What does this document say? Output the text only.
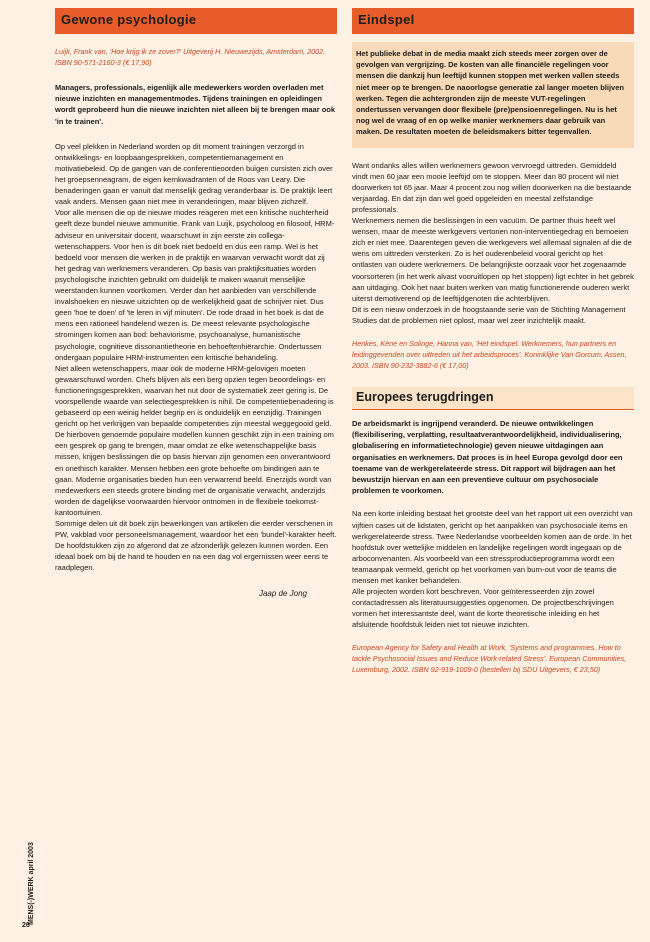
Gewone psychologie
Luijk, Frank van, 'Hoe krijg ik ze zover?' Uitgeverij H. Nieuwezijds, Amsterdam, 2002. ISBN 90-571-2160-3 (€ 17,90)
Managers, professionals, eigenlijk alle medewerkers worden overladen met nieuwe inzichten en managementmodes. Tijdens trainingen en opleidingen wordt geprobeerd hun die nieuwe inzichten niet alleen bij te brengen maar ook 'in te trainen'.

Op veel plekken in Nederland worden op dit moment trainingen verzorgd in ontwikkelings- en loopbaangesprekken, competentiemanagement en motivatiebeleid. Op de gangen van de conferentieoorden buigen cursisten zich over het groepsenneagram, de eigen kernkwadranten of de Roos van Leary. Die benaderingen gaan er vanuit dat menselijk gedrag veranderbaar is. De praktijk leert vaak anders. Mensen gaan niet mee in veranderingen, maar blijven zichzelf.

Voor alle mensen die op de nieuwe modes reageren met een kritische nuchterheid geeft deze bundel nieuwe ammunitie. Frank van Luijk, psycholoog en filosoof, HRM-adviseur en universitair docent, waarschuwt in zijn eerste zin collega-wetenschappers. Voor hen is dit boek niet bedoeld en dus een ramp. Wel is het bedoeld voor mensen die werken in de praktijk en waarvan verwacht wordt dat zij het gedrag van werknemers veranderen. Op basis van praktijksituaties worden psychologische inzichten gebruikt om duidelijk te maken waaruit menselijke weerstanden kunnen voortkomen. Verder dan het aanbieden van verschillende invalshoeken en nieuwe uitzichten op de werkelijkheid gaat de schrijver niet. Dus geen 'hoe te doen' of 'te leren in vijf minuten'. De rode draad in het boek is dat de mens een rationeel handelend wezen is. De meest relevante psychologische stromingen komen aan bod: behaviorisme, psychoanalyse, humanistische psychologie, cognitieve dissonantietheorie en behoeftenhiërarchie. Ondertussen ondergaan populaire HRM-instrumenten een kritische behandeling.

Niet alleen wetenschappers, maar ook de moderne HRM-gelovigen moeten gewaarschuwd worden. Chefs blijven als een berg opzien tegen beoordelings- en functioneringsgesprekken, waarvan het nut door de systematiek zeer gering is. De voorspellende waarde van selectiegesprekken is nihil. De competentiebenadering is gebaseerd op een weinig helder begrip en is onduidelijk en eenzijdig. Trainingen gericht op het verkrijgen van bepaalde competenties zijn meestal weggegooid geld.

De hierboven genoemde populaire modellen kunnen geschikt zijn in een training om een gesprek op gang te brengen, maar omdat ze elke wetenschappelijke basis missen, krijgen beslissingen die op basis hiervan zijn genomen een onverantwoord en onethisch karakter. Mensen hebben een grote behoefte om bindingen aan te gaan. Moderne organisaties bieden hun een verwarrend beeld. Enerzijds wordt van medewerkers een steeds grotere binding met de organisatie verwacht, anderzijds worden de dagelijkse voorwaarden hiervoor ontnomen in de flexibele toekomst-kantoortuinen.

Sommige delen uit dit boek zijn bewerkingen van artikelen die eerder verschenen in PW, vakblad voor personeelsmanagement, waardoor het een 'bundel'-karakter heeft. De hoofdstukken zijn zo afgerond dat ze afzonderlijk gelezen kunnen worden. Een ideaal boek om bij de hand te houden en na een dag vol ergernissen weer eens te raadplegen.

Jaap de Jong
Eindspel
Het publieke debat in de media maakt zich steeds meer zorgen over de gevolgen van vergrijzing. De kosten van alle financiële regelingen voor mensen die dankzij hun leeftijd kunnen stoppen met werken vallen steeds niet meer op te brengen. De naoorlogse generatie zal langer moeten blijven werken. Tegen die achtergronden zijn de meeste VUT-regelingen ondertussen vervangen door flexibele (pre)pensioenregelingen. Nu is het nog wel de vraag of en op welke manier werknemers daar gebruik van maken. De resultaten moeten de beleidsmakers bitter tegenvallen.

Want ondanks alles willen werknemers gewoon vervroegd uittreden. Gemiddeld vindt men 60 jaar een mooie leeftijd om te stoppen. Meer dan 80 procent wil niet doorwerken tot 65 jaar. Maar 4 procent zou nog willen doorwerken na die bestaande verjaardag. En dat zijn dan wel goed opgeleiden en meestal zelfstandige professionals.

Werknemers nemen die beslissingen in een vacuüm. De partner thuis heeft wel wensen, maar de meeste werkgevers vertonen non-interventiegedrag en bemoeien zich er niet mee. Daarentegen geven die werkgevers wel allemaal signalen af die de wens om uittreden versterken. Zo is het ouderenbeleid vooral gericht op het ontlasten van oudere werknemers. De belangrijkste oorzaak voor het zogenaamde voorsorteren (in het werk alvast vooruitlopen op het stoppen) ligt echter in het gebrek aan uitdaging. Ook het naar buiten werken van matig functionerende ouderen werkt uiterst demotiverend op de leeftijdgenoten die achterblijven.

Dit is een nieuw onderzoek in de hoogstaande serie van de Stichting Management Studies dat de problemen niet oplost, maar wel zeer inzichtelijk maakt.

Henkes, Kène en Solinge, Hanna van, 'Het eindspel. Werknemers, hun partners en leidinggevenden over uittreden uit het arbeidsproces'. Koninklijke Van Gorcum, Assen, 2003. ISBN 90-232-3882-6 (€ 17,00)
Europees terugdringen
De arbeidsmarkt is ingrijpend veranderd. De nieuwe ontwikkelingen (flexibilisering, verplatting, resultaatverantwoordelijkheid, individualisering, globalisering en informatietechnologie) geven nieuwe uitdagingen aan organisaties en werknemers. Dat proces is in heel Europa gevolgd door een toename van de werkgerelateerde stress. Dit rapport wil bijdragen aan het bewustzijn hiervan en aan een preventieve cultuur om psychosociale problemen te voorkomen.

Na een korte inleiding bestaat het grootste deel van het rapport uit een overzicht van vijftien cases uit de lidstaten, gericht op het aanpakken van psychosociale items en werkgerelateerde stress. Twee Nederlandse voorbeelden komen aan de orde. In het hoofdstuk over wettelijke middelen en landelijke regelingen wordt ingegaan op de arboconvenanten. Als voorbeeld van een stressproductieprogramma wordt een teamaanpak vermeld, gericht op het voorkomen van burn-out voor de teams die mensen met kanker behandelen.

Alle projecten worden kort beschreven. Voor geïnteresseerden zijn zowel contactadressen als literatuursuggesties opgenomen. De projectbeschrijvingen vormen het interessantste deel, want de korte theoretische inleiding en het afsluitende hoofdstuk leiden niet tot nieuwe inzichten.

European Agency for Safety and Health at Work, 'Systems and programmes. How to tackle Psychosocial Issues and Reduce Work-related Stress'. European Communities, Luxemburg, 2002. ISBN 92-919-1009-0 (bestellen bij SDU Uitgevers, € 23,50)
MENS(-)WERK april 2003
26
